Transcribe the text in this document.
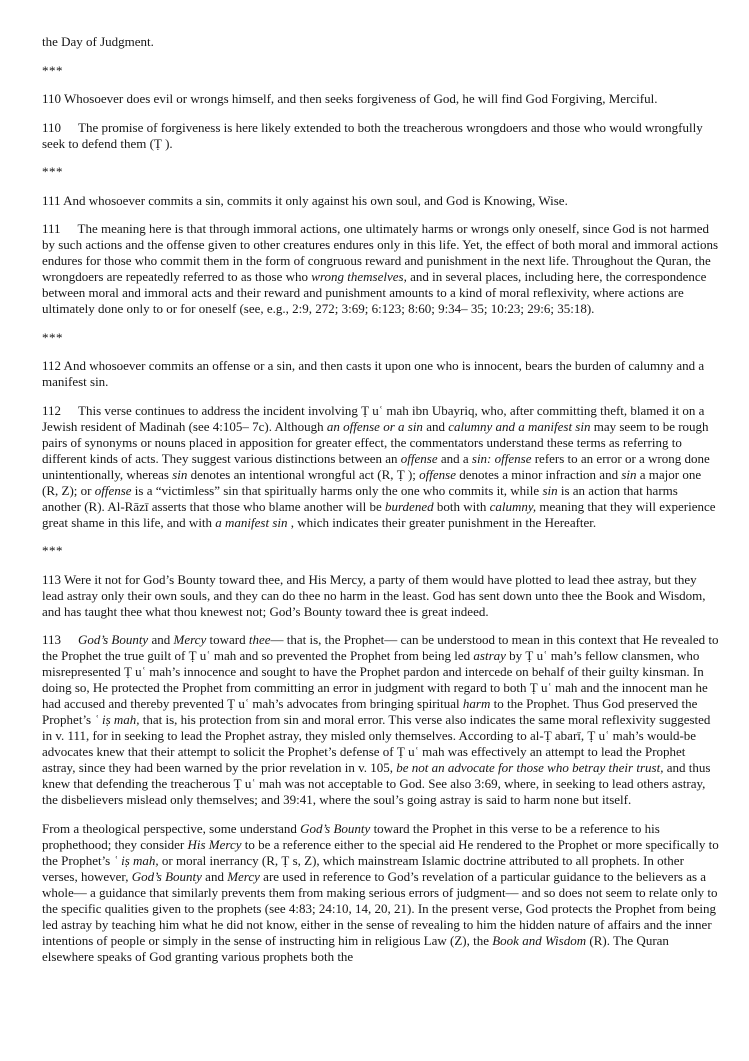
the Day of Judgment.

***

110 Whosoever does evil or wrongs himself, and then seeks forgiveness of God, he will find God Forgiving, Merciful.

110 The promise of forgiveness is here likely extended to both the treacherous wrongdoers and those who would wrongfully seek to defend them (Ṭ ).

***

111 And whosoever commits a sin, commits it only against his own soul, and God is Knowing, Wise.

111 The meaning here is that through immoral actions, one ultimately harms or wrongs only oneself, since God is not harmed by such actions and the offense given to other creatures endures only in this life. Yet, the effect of both moral and immoral actions endures for those who commit them in the form of congruous reward and punishment in the next life. Throughout the Quran, the wrongdoers are repeatedly referred to as those who wrong themselves, and in several places, including here, the correspondence between moral and immoral acts and their reward and punishment amounts to a kind of moral reflexivity, where actions are ultimately done only to or for oneself (see, e.g., 2:9, 272; 3:69; 6:123; 8:60; 9:34– 35; 10:23; 29:6; 35:18).

***

112 And whosoever commits an offense or a sin, and then casts it upon one who is innocent, bears the burden of calumny and a manifest sin.

112 This verse continues to address the incident involving Ṭ uʿ mah ibn Ubayriq, who, after committing theft, blamed it on a Jewish resident of Madinah (see 4:105– 7c). Although an offense or a sin and calumny and a manifest sin may seem to be rough pairs of synonyms or nouns placed in apposition for greater effect, the commentators understand these terms as referring to different kinds of acts. They suggest various distinctions between an offense and a sin: offense refers to an error or a wrong done unintentionally, whereas sin denotes an intentional wrongful act (R, Ṭ ); offense denotes a minor infraction and sin a major one (R, Z); or offense is a “victimless” sin that spiritually harms only the one who commits it, while sin is an action that harms another (R). Al-Rāzī asserts that those who blame another will be burdened both with calumny, meaning that they will experience great shame in this life, and with a manifest sin , which indicates their greater punishment in the Hereafter.

***

113 Were it not for God’s Bounty toward thee, and His Mercy, a party of them would have plotted to lead thee astray, but they lead astray only their own souls, and they can do thee no harm in the least. God has sent down unto thee the Book and Wisdom, and has taught thee what thou knewest not; God’s Bounty toward thee is great indeed.

113 God’s Bounty and Mercy toward thee— that is, the Prophet— can be understood to mean in this context that He revealed to the Prophet the true guilt of Ṭ uʿ mah and so prevented the Prophet from being led astray by Ṭ uʿ mah’s fellow clansmen, who misrepresented Ṭ uʿ mah’s innocence and sought to have the Prophet pardon and intercede on behalf of their guilty kinsman. In doing so, He protected the Prophet from committing an error in judgment with regard to both Ṭ uʿ mah and the innocent man he had accused and thereby prevented Ṭ uʿ mah’s advocates from bringing spiritual harm to the Prophet. Thus God preserved the Prophet’s ʿ iṣ mah, that is, his protection from sin and moral error. This verse also indicates the same moral reflexivity suggested in v. 111, for in seeking to lead the Prophet astray, they misled only themselves. According to al-Ṭ abarī, Ṭ uʿ mah’s would-be advocates knew that their attempt to solicit the Prophet’s defense of Ṭ uʿ mah was effectively an attempt to lead the Prophet astray, since they had been warned by the prior revelation in v. 105, be not an advocate for those who betray their trust, and thus knew that defending the treacherous Ṭ uʿ mah was not acceptable to God. See also 3:69, where, in seeking to lead others astray, the disbelievers mislead only themselves; and 39:41, where the soul’s going astray is said to harm none but itself.

From a theological perspective, some understand God’s Bounty toward the Prophet in this verse to be a reference to his prophethood; they consider His Mercy to be a reference either to the special aid He rendered to the Prophet or more specifically to the Prophet’s ʿ iṣ mah, or moral inerrancy (R, Ṭ s, Z), which mainstream Islamic doctrine attributed to all prophets. In other verses, however, God’s Bounty and Mercy are used in reference to God’s revelation of a particular guidance to the believers as a whole— a guidance that similarly prevents them from making serious errors of judgment— and so does not seem to relate only to the specific qualities given to the prophets (see 4:83; 24:10, 14, 20, 21). In the present verse, God protects the Prophet from being led astray by teaching him what he did not know, either in the sense of revealing to him the hidden nature of affairs and the inner intentions of people or simply in the sense of instructing him in religious Law (Z), the Book and Wisdom (R). The Quran elsewhere speaks of God granting various prophets both the
